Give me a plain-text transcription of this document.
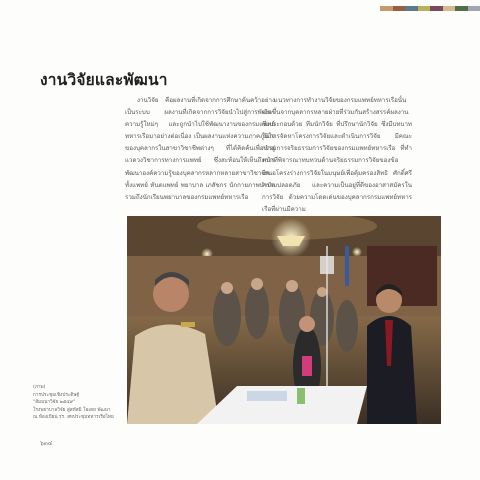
งานวิจัยและพัฒนา

งานวิจัย คือผลงานที่เกิดจากการศึกษาค้นคว้าอย่างเป็นระบบ ผลงานที่เกิดจากการวิจัยนำไปสู่การพัฒนาความรู้ใหม่ๆ และถูกนำไปใช้พัฒนางานของกรมแพทย์ทหารเรือมาอย่างต่อเนื่อง เป็นผลงานแห่งความภาคภูมิใจของบุคลากรในสาขาวิชาชีพต่างๆ ที่ได้คิดค้นเพื่อนำสู่แวดวงวิชาการทางการแพทย์ ซึ่งสะท้อนให้เห็นถึงการพัฒนาองค์ความรู้ของบุคลากรหลากหลายสาขาวิชาชีพ ทั้งแพทย์ ทันตแพทย์ พยาบาล เภสัชกร นักกายภาพบำบัด รวมถึงนักเรียนพยาบาลของกรมแพทย์ทหารเรือ

แนวทางการทำงานวิจัยของกรมแพทย์ทหารเรือนั้น เกิดขึ้นจากบุคลากรหลายฝ่ายที่ร่วมกันสร้างสรรค์ผลงาน ซึ่งประกอบด้วย ทีมนักวิจัย ที่ปรึกษานักวิจัย ซึ่งมีบทบาทในการจัดหาโครงการวิจัยและดำเนินการวิจัย มีคณะกรรมการจริยธรรมการวิจัยของกรมแพทย์ทหารเรือ ที่ทำหน้าที่พิจารณาทบทวนด้านจริยธรรมการวิจัยของข้อเสนอโครงร่างการวิจัยในมนุษย์เพื่อคุ้มครองสิทธิ ศักดิ์ศรี ความปลอดภัย และความเป็นอยู่ที่ดีของอาสาสมัครในการวิจัย ด้วยความโดดเด่นของบุคลากรกรมแพทย์ทหารเรือที่ผ่านมีความ

(ภาพ)
การประชุมเชิงประดิษฐ์
"สัมมนาวิจัย ๒๕๔๙"
โรงพยาบาลวิจัย สู่สหัสมิ โอเดย พัฒนา
ณ ห้องเบียน รร. สหประชุมทหารเรือไทย
๖๓๔
